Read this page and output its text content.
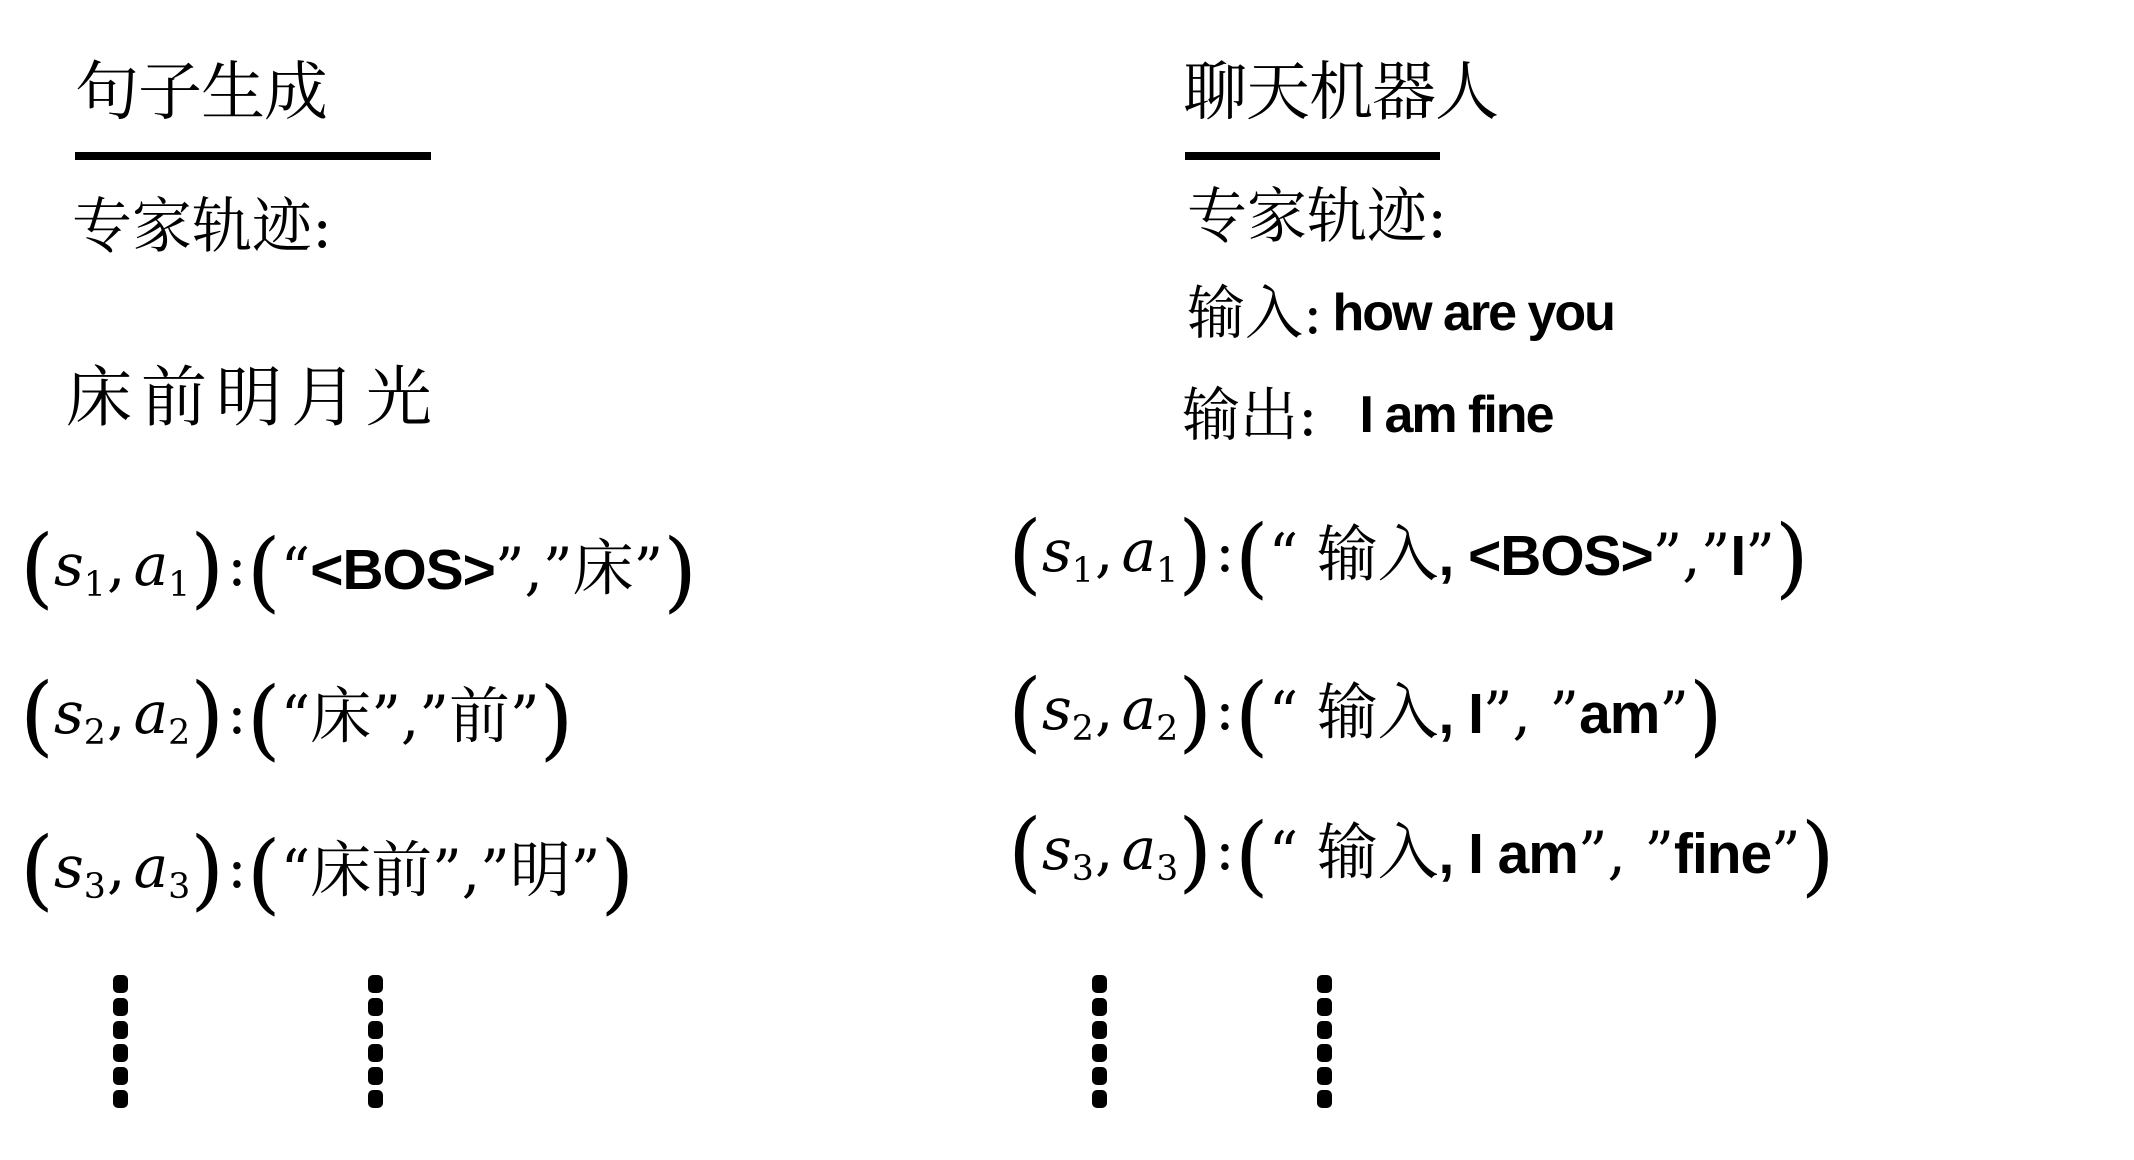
句子生成
专家轨迹:
床前明月光
($s_1$, $a_1$): (“<BOS>”,”床”)
($s_2$, $a_2$): (“床”,”前”)
($s_3$, $a_3$): (“床前”,”明”)
聊天机器人
专家轨迹:
输入: how are you
输出: I am fine
($s_1$, $a_1$): (“ 输入, <BOS>”,”I”)
($s_2$, $a_2$): (“ 输入, I”, ”am”)
($s_3$, $a_3$): (“ 输入, I am”, ”fine”)
